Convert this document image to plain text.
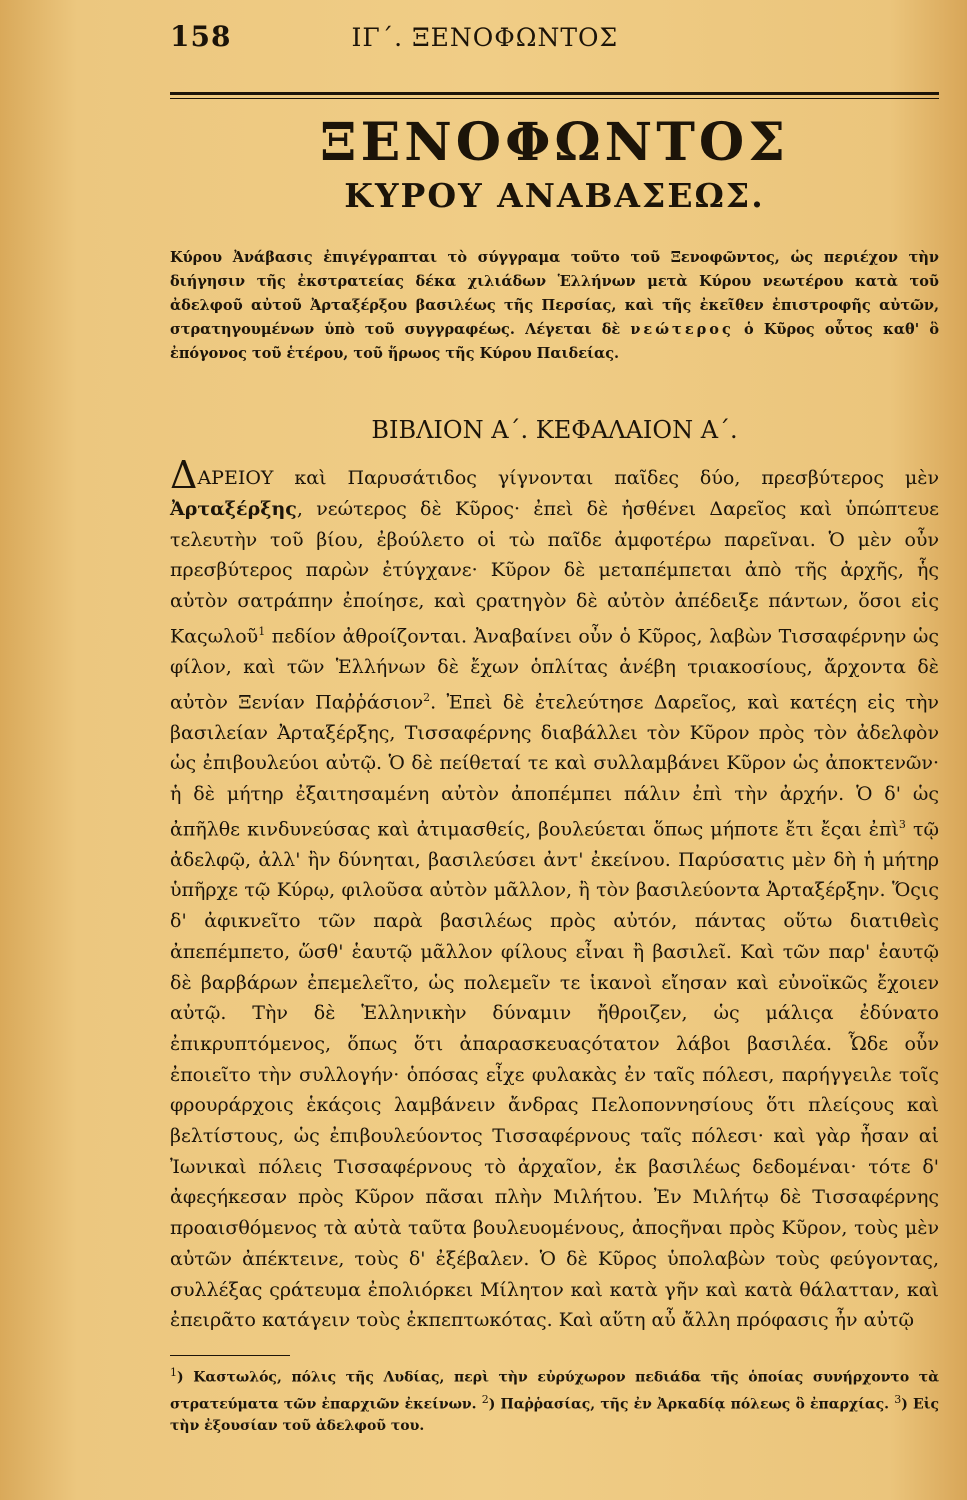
158	ΙΓ΄. ΞΕΝΟΦΩΝΤΟΣ
ΞΕΝΟΦΩΝΤΟΣ
ΚΥΡΟΥ ΑΝΑΒΑΣΕΩΣ.

Κύρου Ἀνάβασις ἐπιγέγραπται τὸ σύγγραμα τοῦτο τοῦ Ξενοφῶντος, ὡς περιέχον τὴν διήγησιν τῆς ἐκστρατείας δέκα χιλιάδων Ἑλλήνων μετὰ Κύρου νεωτέρου κατὰ τοῦ ἀδελφοῦ αὐτοῦ Ἀρταξέρξου βασιλέως τῆς Περσίας, καὶ τῆς ἐκεῖθεν ἐπιστροφῆς αὐτῶν, στρατηγουμένων ὑπὸ τοῦ συγγραφέως. Λέγεται δὲ νεώτερος ὁ Κῦρος οὗτος καθ' ὃ ἐπόγονος τοῦ ἑτέρου, τοῦ ἥρωος τῆς Κύρου Παιδείας.

ΒΙΒΛΙΟΝ Α΄. ΚΕΦΑΛΑΙΟΝ Α΄.

ΔΑΡΕΙΟΥ καὶ Παρυσάτιδος γίγνονται παῖδες δύο, πρεσβύτερος μὲν Ἀρταξέρξης, νεώτερος δὲ Κῦρος· ἐπεὶ δὲ ἠσθένει Δαρεῖος καὶ ὑπώπτευε τελευτὴν τοῦ βίου, ἐβούλετο οἱ τὼ παῖδε ἀμφοτέρω παρεῖναι. Ὁ μὲν οὖν πρεσβύτερος παρὼν ἐτύγχανε· Κῦρον δὲ μεταπέμπεται ἀπὸ τῆς ἀρχῆς, ἧς αὐτὸν σατράπην ἐποίησε, καὶ ςρατηγὸν δὲ αὐτὸν ἀπέδειξε πάντων, ὅσοι εἰς Καςωλοῦ$^1$ πεδίον ἀθροίζονται. Ἀναβαίνει οὖν ὁ Κῦρος, λαβὼν Τισσαφέρνην ὡς φίλον, καὶ τῶν Ἑλλήνων δὲ ἔχων ὁπλίτας ἀνέβη τριακοσίους, ἄρχοντα δὲ αὐτὸν Ξενίαν Παῤῥάσιον$^2$. Ἐπεὶ δὲ ἐτελεύτησε Δαρεῖος, καὶ κατέςη εἰς τὴν βασιλείαν Ἀρταξέρξης, Τισσαφέρνης διαβάλλει τὸν Κῦρον πρὸς τὸν ἀδελφὸν ὡς ἐπιβουλεύοι αὐτῷ. Ὁ δὲ πείθεταί τε καὶ συλλαμβάνει Κῦρον ὡς ἀποκτενῶν· ἡ δὲ μήτηρ ἐξαιτησαμένη αὐτὸν ἀποπέμπει πάλιν ἐπὶ τὴν ἀρχήν. Ὁ δ' ὡς ἀπῆλθε κινδυνεύσας καὶ ἀτιμασθείς, βουλεύεται ὅπως μήποτε ἔτι ἔςαι ἐπὶ$^3$ τῷ ἀδελφῷ, ἀλλ' ἢν δύνηται, βασιλεύσει ἀντ' ἐκείνου. Παρύσατις μὲν δὴ ἡ μήτηρ ὑπῆρχε τῷ Κύρῳ, φιλοῦσα αὐτὸν μᾶλλον, ἢ τὸν βασιλεύοντα Ἀρταξέρξην. Ὅςις δ' ἀφικνεῖτο τῶν παρὰ βασιλέως πρὸς αὐτόν, πάντας οὕτω διατιθεὶς ἀπεπέμπετο, ὥσθ' ἑαυτῷ μᾶλλον φίλους εἶναι ἢ βασιλεῖ. Καὶ τῶν παρ' ἑαυτῷ δὲ βαρβάρων ἐπεμελεῖτο, ὡς πολεμεῖν τε ἱκανοὶ εἴησαν καὶ εὐνοϊκῶς ἔχοιεν αὐτῷ. Τὴν δὲ Ἑλληνικὴν δύναμιν ἤθροιζεν, ὡς μάλιςα ἐδύνατο ἐπικρυπτόμενος, ὅπως ὅτι ἀπαρασκευαςότατον λάβοι βασιλέα. Ὧδε οὖν ἐποιεῖτο τὴν συλλογήν· ὁπόσας εἶχε φυλακὰς ἐν ταῖς πόλεσι, παρήγγειλε τοῖς φρουράρχοις ἑκάςοις λαμβάνειν ἄνδρας Πελοποννησίους ὅτι πλείςους καὶ βελτίστους, ὡς ἐπιβουλεύοντος Τισσαφέρνους ταῖς πόλεσι· καὶ γὰρ ἦσαν αἱ Ἰωνικαὶ πόλεις Τισσαφέρνους τὸ ἀρχαῖον, ἐκ βασιλέως δεδομέναι· τότε δ' ἀφεςήκεσαν πρὸς Κῦρον πᾶσαι πλὴν Μιλήτου. Ἐν Μιλήτῳ δὲ Τισσαφέρνης προαισθόμενος τὰ αὐτὰ ταῦτα βουλευομένους, ἀποςῆναι πρὸς Κῦρον, τοὺς μὲν αὐτῶν ἀπέκτεινε, τοὺς δ' ἐξέβαλεν. Ὁ δὲ Κῦρος ὑπολαβὼν τοὺς φεύγοντας, συλλέξας ςράτευμα ἐπολιόρκει Μίλητον καὶ κατὰ γῆν καὶ κατὰ θάλατταν, καὶ ἐπειρᾶτο κατάγειν τοὺς ἐκπεπτωκότας. Καὶ αὕτη αὖ ἄλλη πρόφασις ἦν αὐτῷ

$^1$) Καστωλός, πόλις τῆς Λυδίας, περὶ τὴν εὐρύχωρον πεδιάδα τῆς ὁποίας συνήρχοντο τὰ στρατεύματα τῶν ἐπαρχιῶν ἐκείνων. $^2$) Παῤῥασίας, τῆς ἐν Ἀρκαδίᾳ πόλεως ὃ ἐπαρχίας. $^3$) Εἰς τὴν ἐξουσίαν τοῦ ἀδελφοῦ του.
